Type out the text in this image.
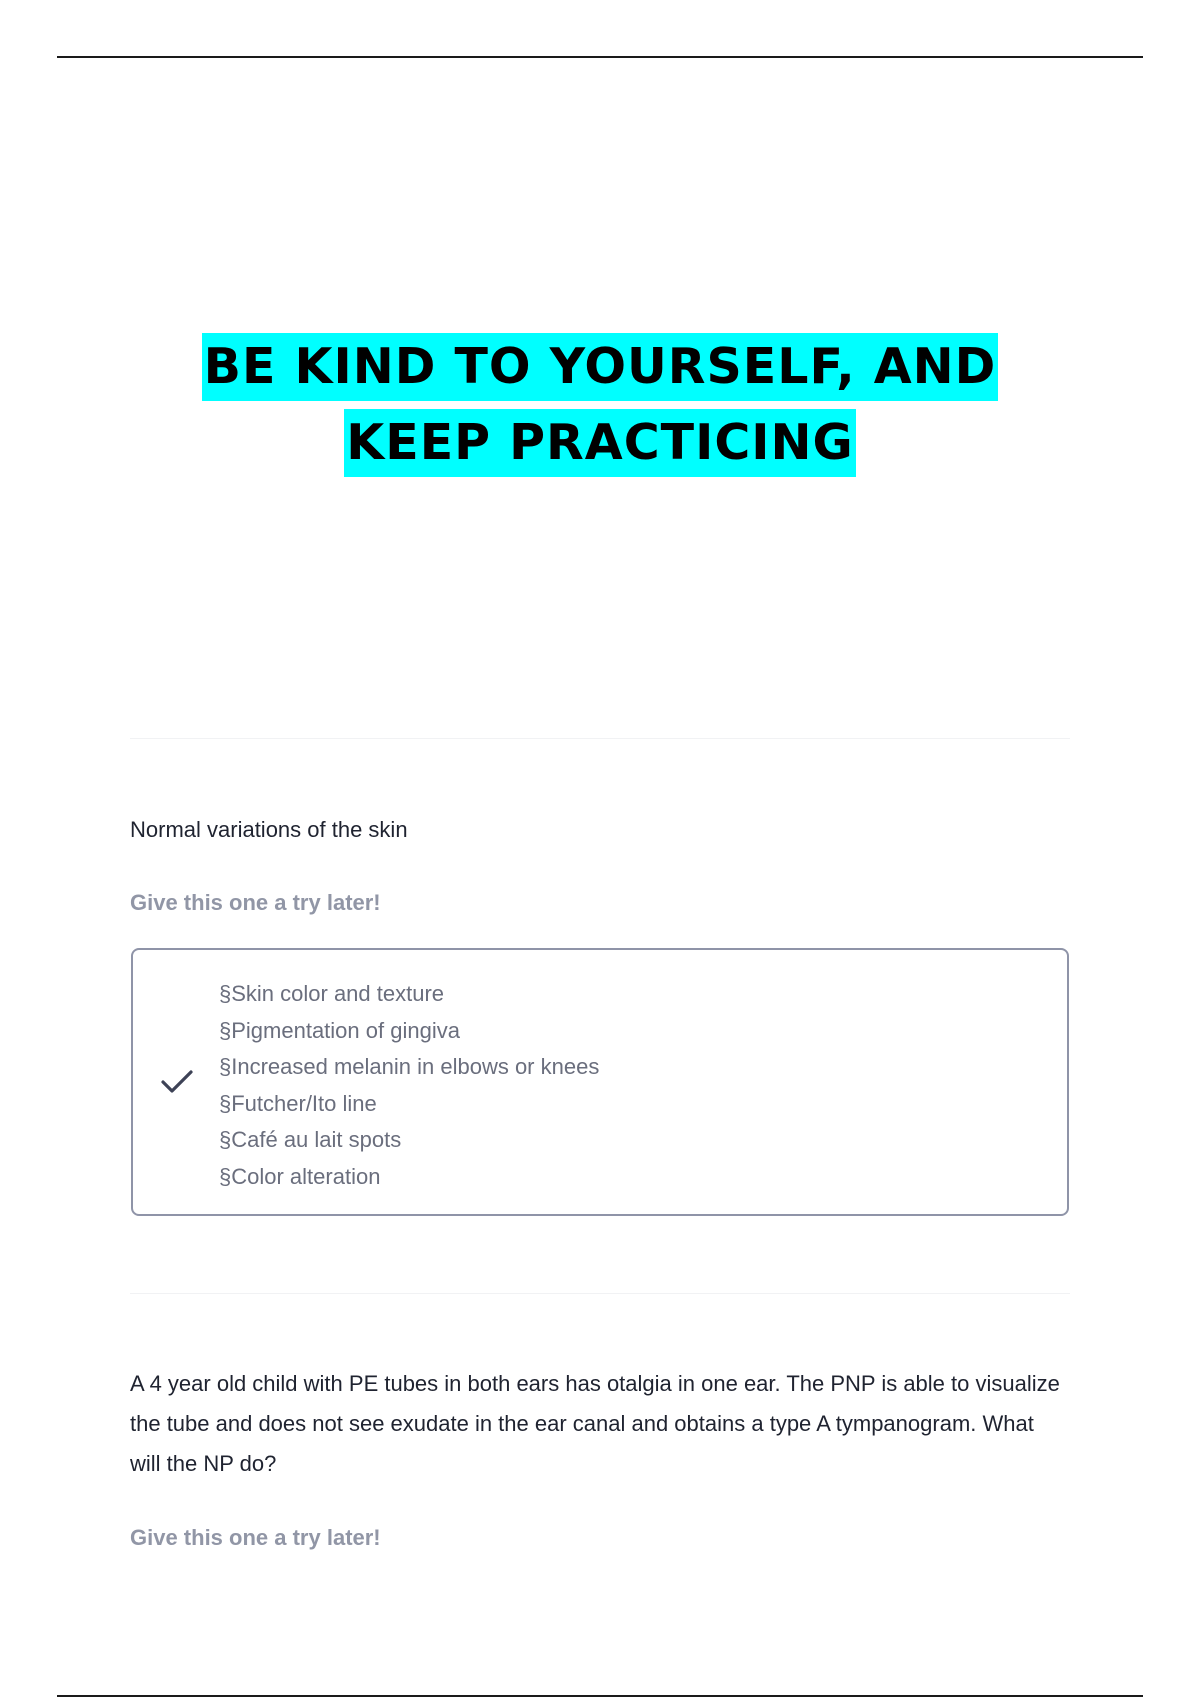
BE KIND TO YOURSELF, AND
KEEP PRACTICING
Normal variations of the skin
Give this one a try later!
§Skin color and texture
§Pigmentation of gingiva
§Increased melanin in elbows or knees
§Futcher/Ito line
§Café au lait spots
§Color alteration
A 4 year old child with PE tubes in both ears has otalgia in one ear. The PNP is able to visualize the tube and does not see exudate in the ear canal and obtains a type A tympanogram. What will the NP do?
Give this one a try later!
